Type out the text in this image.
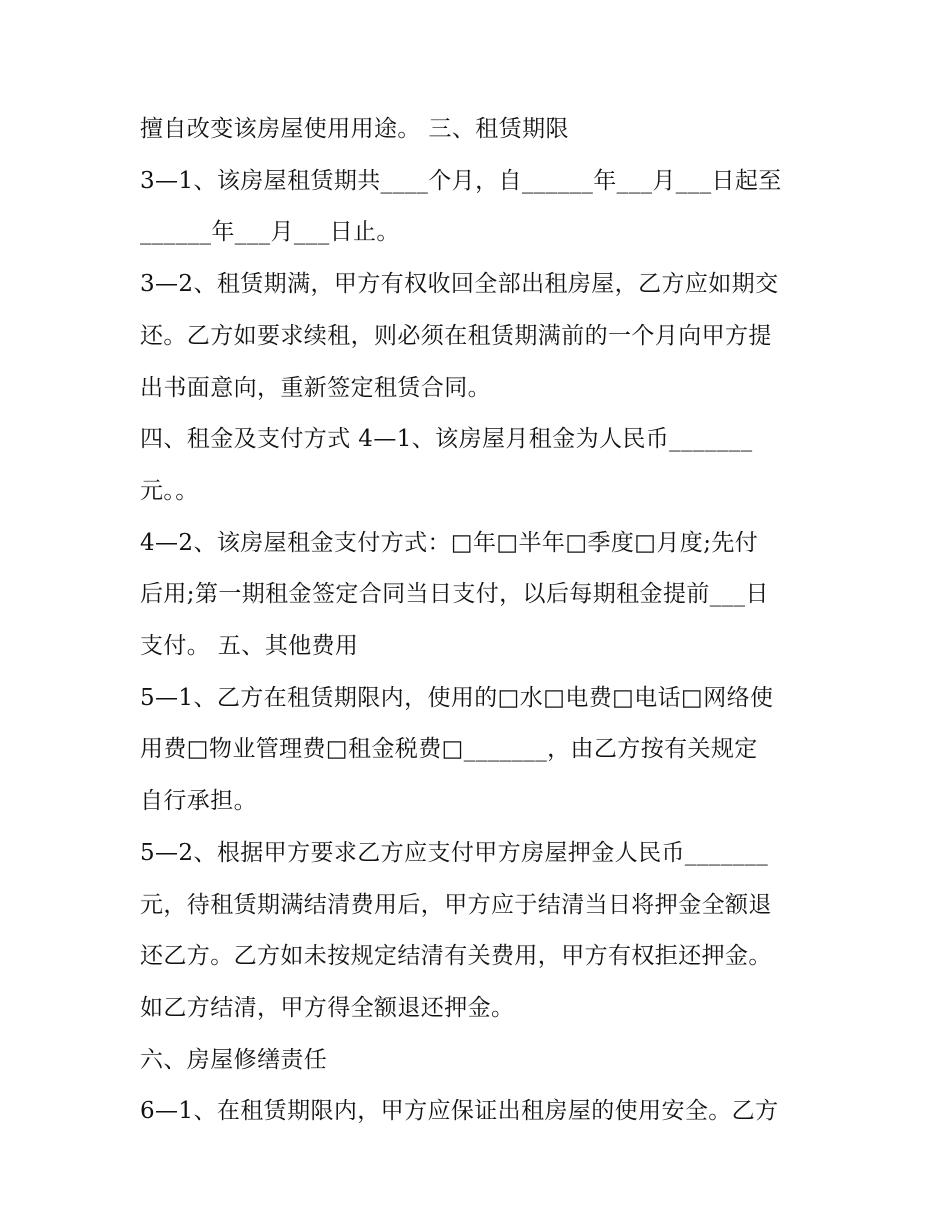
擅自改变该房屋使用用途。 三、租赁期限
3—1、该房屋租赁期共____个月，自______年___月___日起至
______年___月___日止。
3—2、租赁期满，甲方有权收回全部出租房屋，乙方应如期交
还。乙方如要求续租，则必须在租赁期满前的一个月向甲方提
出书面意向，重新签定租赁合同。
四、租金及支付方式 4—1、该房屋月租金为人民币_______
元。。
4—2、该房屋租金支付方式：□年□半年□季度□月度;先付
后用;第一期租金签定合同当日支付，以后每期租金提前___日
支付。 五、其他费用
5—1、乙方在租赁期限内，使用的□水□电费□电话□网络使
用费□物业管理费□租金税费□_______，由乙方按有关规定
自行承担。
5—2、根据甲方要求乙方应支付甲方房屋押金人民币_______
元，待租赁期满结清费用后，甲方应于结清当日将押金全额退
还乙方。乙方如未按规定结清有关费用，甲方有权拒还押金。
如乙方结清，甲方得全额退还押金。
六、房屋修缮责任
6—1、在租赁期限内，甲方应保证出租房屋的使用安全。乙方
